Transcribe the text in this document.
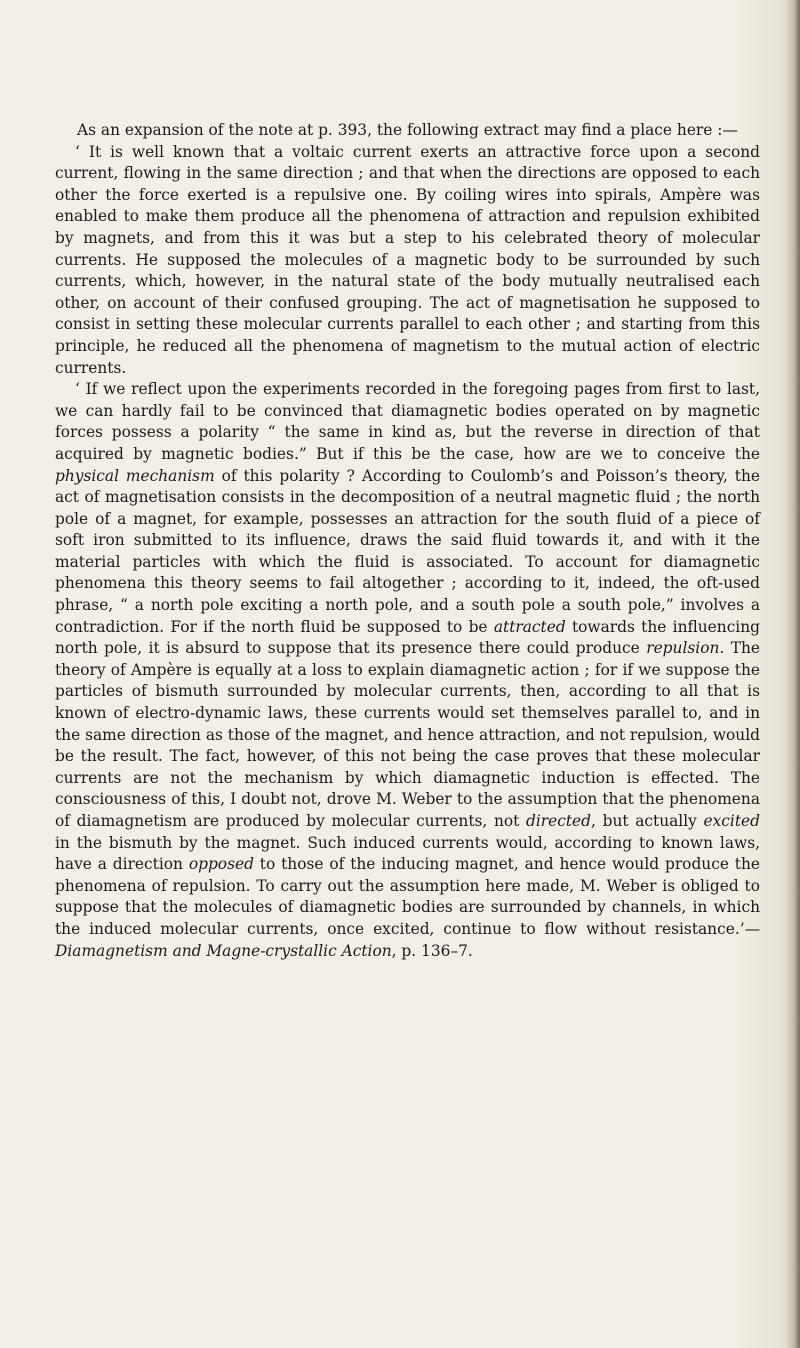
As an expansion of the note at p. 393, the following extract may find a place here :—

‘ It is well known that a voltaic current exerts an attractive force upon a second current, flowing in the same direction ; and that when the directions are opposed to each other the force exerted is a repulsive one. By coiling wires into spirals, Ampère was enabled to make them produce all the phenomena of attraction and repulsion exhibited by magnets, and from this it was but a step to his celebrated theory of molecular currents. He supposed the molecules of a magnetic body to be surrounded by such currents, which, however, in the natural state of the body mutually neutralised each other, on account of their confused grouping. The act of magnetisation he supposed to consist in setting these molecular currents parallel to each other ; and starting from this principle, he reduced all the phenomena of magnetism to the mutual action of electric currents.

‘ If we reflect upon the experiments recorded in the foregoing pages from first to last, we can hardly fail to be convinced that diamagnetic bodies operated on by magnetic forces possess a polarity “ the same in kind as, but the reverse in direction of that acquired by magnetic bodies.” But if this be the case, how are we to conceive the physical mechanism of this polarity ? According to Coulomb’s and Poisson’s theory, the act of magnetisation consists in the decomposition of a neutral magnetic fluid ; the north pole of a magnet, for example, possesses an attraction for the south fluid of a piece of soft iron submitted to its influence, draws the said fluid towards it, and with it the material particles with which the fluid is associated. To account for diamagnetic phenomena this theory seems to fail altogether ; according to it, indeed, the oft-used phrase, “ a north pole exciting a north pole, and a south pole a south pole,” involves a contradiction. For if the north fluid be supposed to be attracted towards the influencing north pole, it is absurd to suppose that its presence there could produce repulsion. The theory of Ampère is equally at a loss to explain diamagnetic action ; for if we suppose the particles of bismuth surrounded by molecular currents, then, according to all that is known of electro-dynamic laws, these currents would set themselves parallel to, and in the same direction as those of the magnet, and hence attraction, and not repulsion, would be the result. The fact, however, of this not being the case proves that these molecular currents are not the mechanism by which diamagnetic induction is effected. The consciousness of this, I doubt not, drove M. Weber to the assumption that the phenomena of diamagnetism are produced by molecular currents, not directed, but actually excited in the bismuth by the magnet. Such induced currents would, according to known laws, have a direction opposed to those of the inducing magnet, and hence would produce the phenomena of repulsion. To carry out the assumption here made, M. Weber is obliged to suppose that the molecules of diamagnetic bodies are surrounded by channels, in which the induced molecular currents, once excited, continue to flow without resistance.’—Diamagnetism and Magne-crystallic Action, p. 136–7.
